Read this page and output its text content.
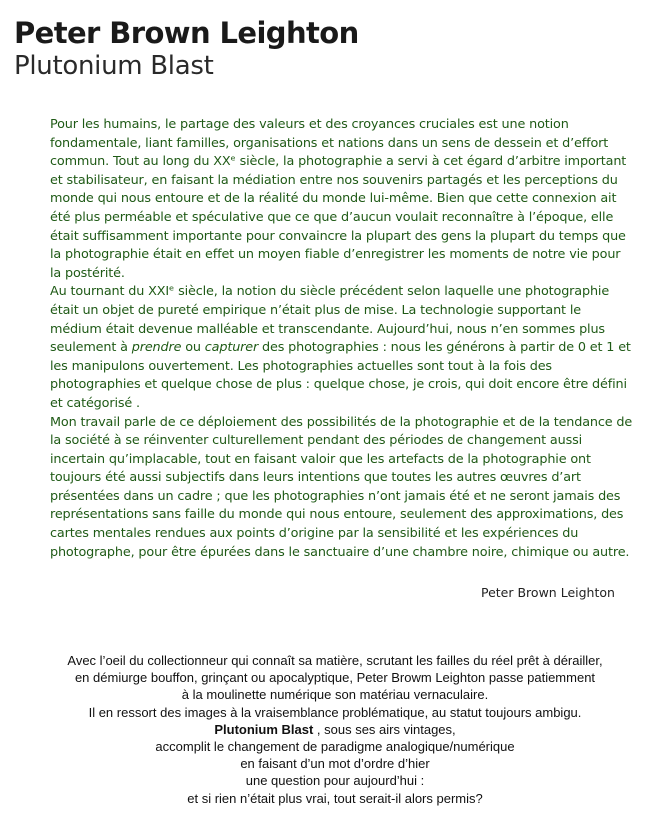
Peter Brown Leighton
Plutonium Blast

Pour les humains, le partage des valeurs et des croyances cruciales est une notion fondamentale, liant familles, organisations et nations dans un sens de dessein et d’effort commun. Tout au long du XXᵉ siècle, la photographie a servi à cet égard d’arbitre important et stabilisateur, en faisant la médiation entre nos souvenirs partagés et les perceptions du monde qui nous entoure et de la réalité du monde lui-même. Bien que cette connexion ait été plus perméable et spéculative que ce que d’aucun voulait reconnaître à l’époque, elle était suffisamment importante pour convaincre la plupart des gens la plupart du temps que la photographie était en effet un moyen fiable d’enregistrer les moments de notre vie pour la postérité.

Au tournant du XXIᵉ siècle, la notion du siècle précédent selon laquelle une photographie était un objet de pureté empirique n’était plus de mise. La technologie supportant le médium était devenue malléable et transcendante. Aujourd’hui, nous n’en sommes plus seulement à prendre ou capturer des photographies : nous les générons à partir de 0 et 1 et les manipulons ouvertement. Les photographies actuelles sont tout à la fois des photographies et quelque chose de plus : quelque chose, je crois, qui doit encore être défini et catégorisé .

Mon travail parle de ce déploiement des possibilités de la photographie et de la tendance de la société à se réinventer culturellement pendant des périodes de changement aussi incertain qu’implacable, tout en faisant valoir que les artefacts de la photographie ont toujours été aussi subjectifs dans leurs intentions que toutes les autres œuvres d’art présentées dans un cadre ; que les photographies n’ont jamais été et ne seront jamais des représentations sans faille du monde qui nous entoure, seulement des approximations, des cartes mentales rendues aux points d’origine par la sensibilité et les expériences du photographe, pour être épurées dans le sanctuaire d’une chambre noire, chimique ou autre.

Peter Brown Leighton
Avec l’oeil du collectionneur qui connaît sa matière, scrutant les failles du réel prêt à dérailler,
en démiurge bouffon, grinçant ou apocalyptique, Peter Browm Leighton passe patiemment
à la moulinette numérique son matériau vernaculaire.
Il en ressort des images à la vraisemblance problématique, au statut toujours ambigu.
Plutonium Blast , sous ses airs vintages,
accomplit le changement de paradigme analogique/numérique
en faisant d’un mot d’ordre d’hier
une question pour aujourd’hui :
et si rien n’était plus vrai, tout serait-il alors permis?
